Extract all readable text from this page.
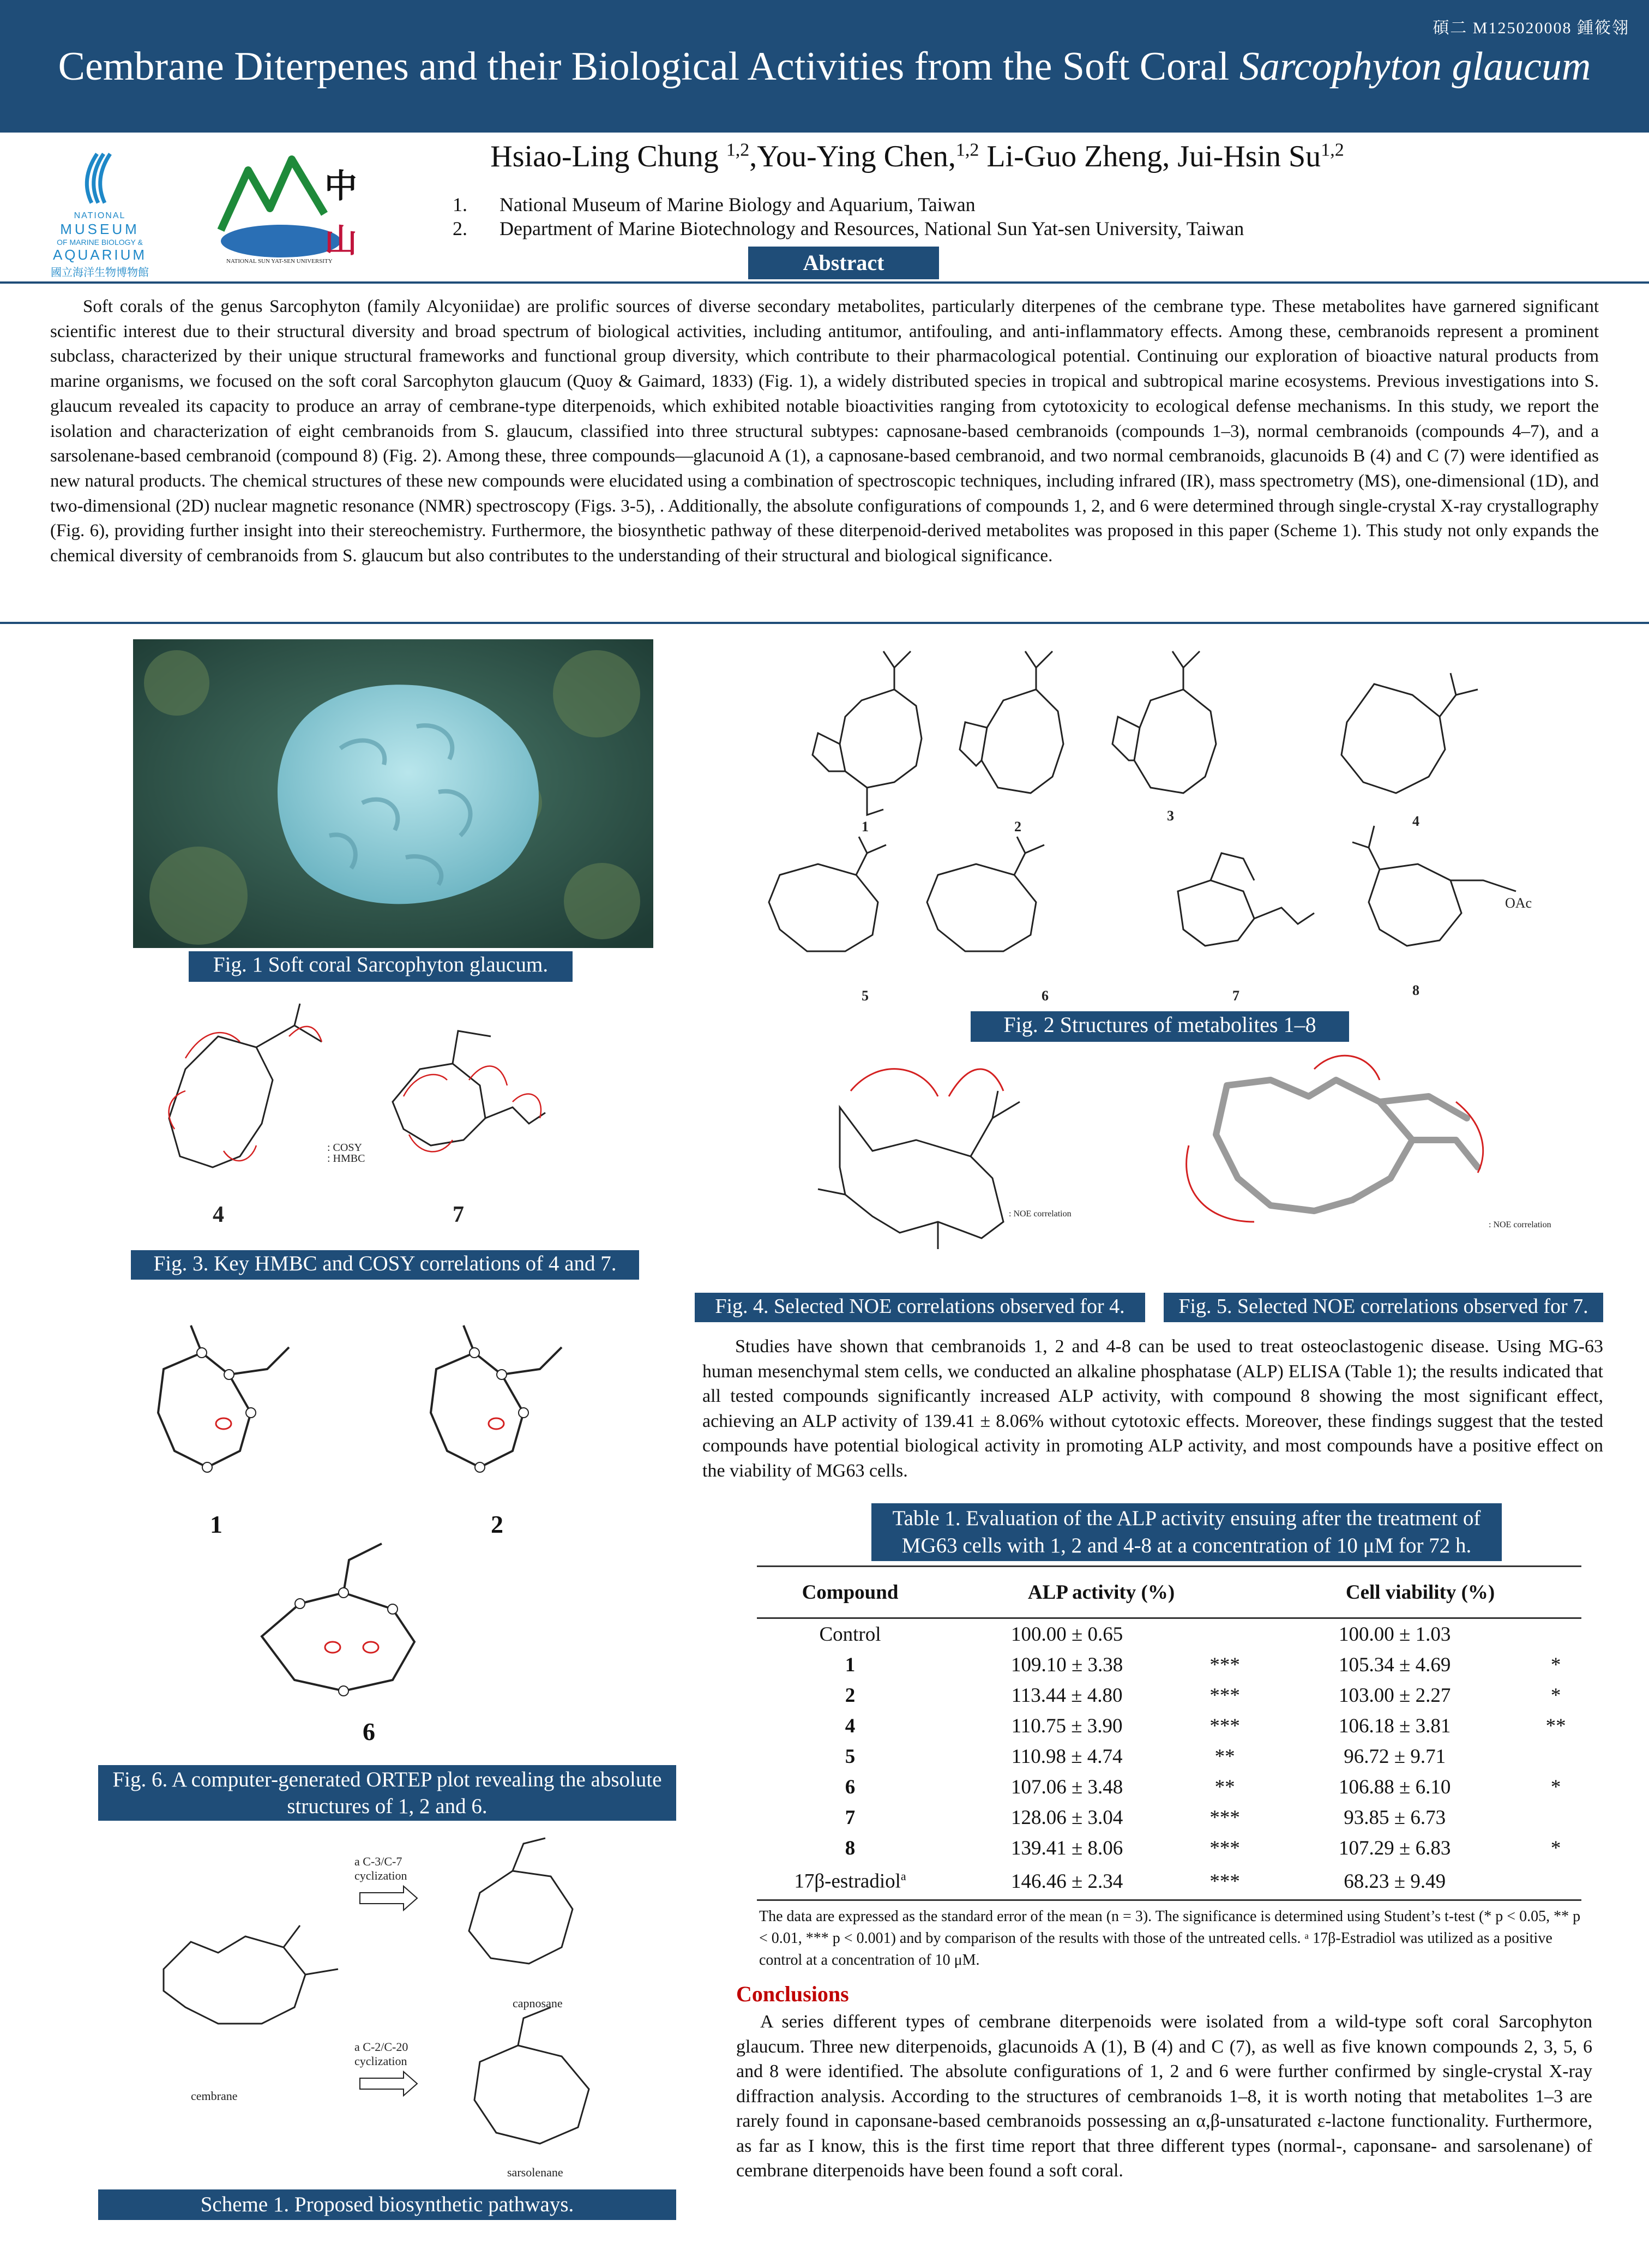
碩二 M125020008 鍾筱翎
Cembrane Diterpenes and their Biological Activities from the Soft Coral Sarcophyton glaucum
NATIONAL
MUSEUM
OF MARINE BIOLOGY &
AQUARIUM
國立海洋生物博物館
中
山
NATIONAL SUN YAT-SEN UNIVERSITY
Hsiao-Ling Chung $^{1,2}$,You-Ying Chen,$^{1,2}$ Li-Guo Zheng, Jui-Hsin Su$^{1,2}$
1. National Museum of Marine Biology and Aquarium, Taiwan
2. Department of Marine Biotechnology and Resources, National Sun Yat-sen University, Taiwan
Abstract

Soft corals of the genus Sarcophyton (family Alcyoniidae) are prolific sources of diverse secondary metabolites, particularly diterpenes of the cembrane type. These metabolites have garnered significant scientific interest due to their structural diversity and broad spectrum of biological activities, including antitumor, antifouling, and anti-inflammatory effects. Among these, cembranoids represent a prominent subclass, characterized by their unique structural frameworks and functional group diversity, which contribute to their pharmacological potential. Continuing our exploration of bioactive natural products from marine organisms, we focused on the soft coral Sarcophyton glaucum (Quoy & Gaimard, 1833) (Fig. 1), a widely distributed species in tropical and subtropical marine ecosystems. Previous investigations into S. glaucum revealed its capacity to produce an array of cembrane-type diterpenoids, which exhibited notable bioactivities ranging from cytotoxicity to ecological defense mechanisms. In this study, we report the isolation and characterization of eight cembranoids from S. glaucum, classified into three structural subtypes: capnosane-based cembranoids (compounds 1–3), normal cembranoids (compounds 4–7), and a sarsolenane-based cembranoid (compound 8) (Fig. 2). Among these, three compounds—glacunoid A (1), a capnosane-based cembranoid, and two normal cembranoids, glacunoids B (4) and C (7) were identified as new natural products. The chemical structures of these new compounds were elucidated using a combination of spectroscopic techniques, including infrared (IR), mass spectrometry (MS), one-dimensional (1D), and two-dimensional (2D) nuclear magnetic resonance (NMR) spectroscopy (Figs. 3-5), . Additionally, the absolute configurations of compounds 1, 2, and 6 were determined through single-crystal X-ray crystallography (Fig. 6), providing further insight into their stereochemistry. Furthermore, the biosynthetic pathway of these diterpenoid-derived metabolites was proposed in this paper (Scheme 1). This study not only expands the chemical diversity of cembranoids from S. glaucum but also contributes to the understanding of their structural and biological significance.

Fig. 1 Soft coral Sarcophyton glaucum.
1	2
3	4
5	6	7	8
OAc
Fig. 2 Structures of metabolites 1–8
4	7
: COSY
: HMBC
Fig. 3. Key HMBC and COSY correlations of 4 and 7.
: NOE correlation
Fig. 4. Selected NOE correlations observed for 4.
: NOE correlation
Fig. 5. Selected NOE correlations observed for 7.
1	2
6
Fig. 6. A computer-generated ORTEP plot revealing the absolute structures of 1, 2 and 6.
a C-3/C-7
cyclization
a C-2/C-20
cyclization
cembrane
capnosane
sarsolenane
Scheme 1. Proposed biosynthetic pathways.

Studies have shown that cembranoids 1, 2 and 4-8 can be used to treat osteoclastogenic disease. Using MG-63 human mesenchymal stem cells, we conducted an alkaline phosphatase (ALP) ELISA (Table 1); the results indicated that all tested compounds significantly increased ALP activity, with compound 8 showing the most significant effect, achieving an ALP activity of 139.41 ± 8.06% without cytotoxic effects. Moreover, these findings suggest that the tested compounds have potential biological activity in promoting ALP activity, and most compounds have a positive effect on the viability of MG63 cells.

Table 1. Evaluation of the ALP activity ensuing after the treatment of MG63 cells with 1, 2 and 4-8 at a concentration of 10 μM for 72 h.
Compound	ALP activity (%)		Cell viability (%)	
Control	100.00 ± 0.65		100.00 ± 1.03	
1	109.10 ± 3.38	***	105.34 ± 4.69	*
2	113.44 ± 4.80	***	103.00 ± 2.27	*
4	110.75 ± 3.90	***	106.18 ± 3.81	**
5	110.98 ± 4.74	**	96.72 ± 9.71	
6	107.06 ± 3.48	**	106.88 ± 6.10	*
7	128.06 ± 3.04	***	93.85 ± 6.73	
8	139.41 ± 8.06	***	107.29 ± 6.83	*
17β-estradiol$^a$	146.46 ± 2.34	***	68.23 ± 9.49	

The data are expressed as the standard error of the mean (n = 3). The significance is determined using Student’s t-test (* p < 0.05, ** p < 0.01, *** p < 0.001) and by comparison of the results with those of the untreated cells. ᵃ 17β-Estradiol was utilized as a positive control at a concentration of 10 μM.

Conclusions

A series different types of cembrane diterpenoids were isolated from a wild-type soft coral Sarcophyton glaucum. Three new diterpenoids, glacunoids A (1), B (4) and C (7), as well as five known compounds 2, 3, 5, 6 and 8 were identified. The absolute configurations of 1, 2 and 6 were further confirmed by single-crystal X-ray diffraction analysis. According to the structures of cembranoids 1–8, it is worth noting that metabolites 1–3 are rarely found in caponsane-based cembranoids possessing an α,β-unsaturated ε-lactone functionality. Furthermore, as far as I know, this is the first time report that three different types (normal-, caponsane- and sarsolenane) of cembrane diterpenoids have been found a soft coral.
